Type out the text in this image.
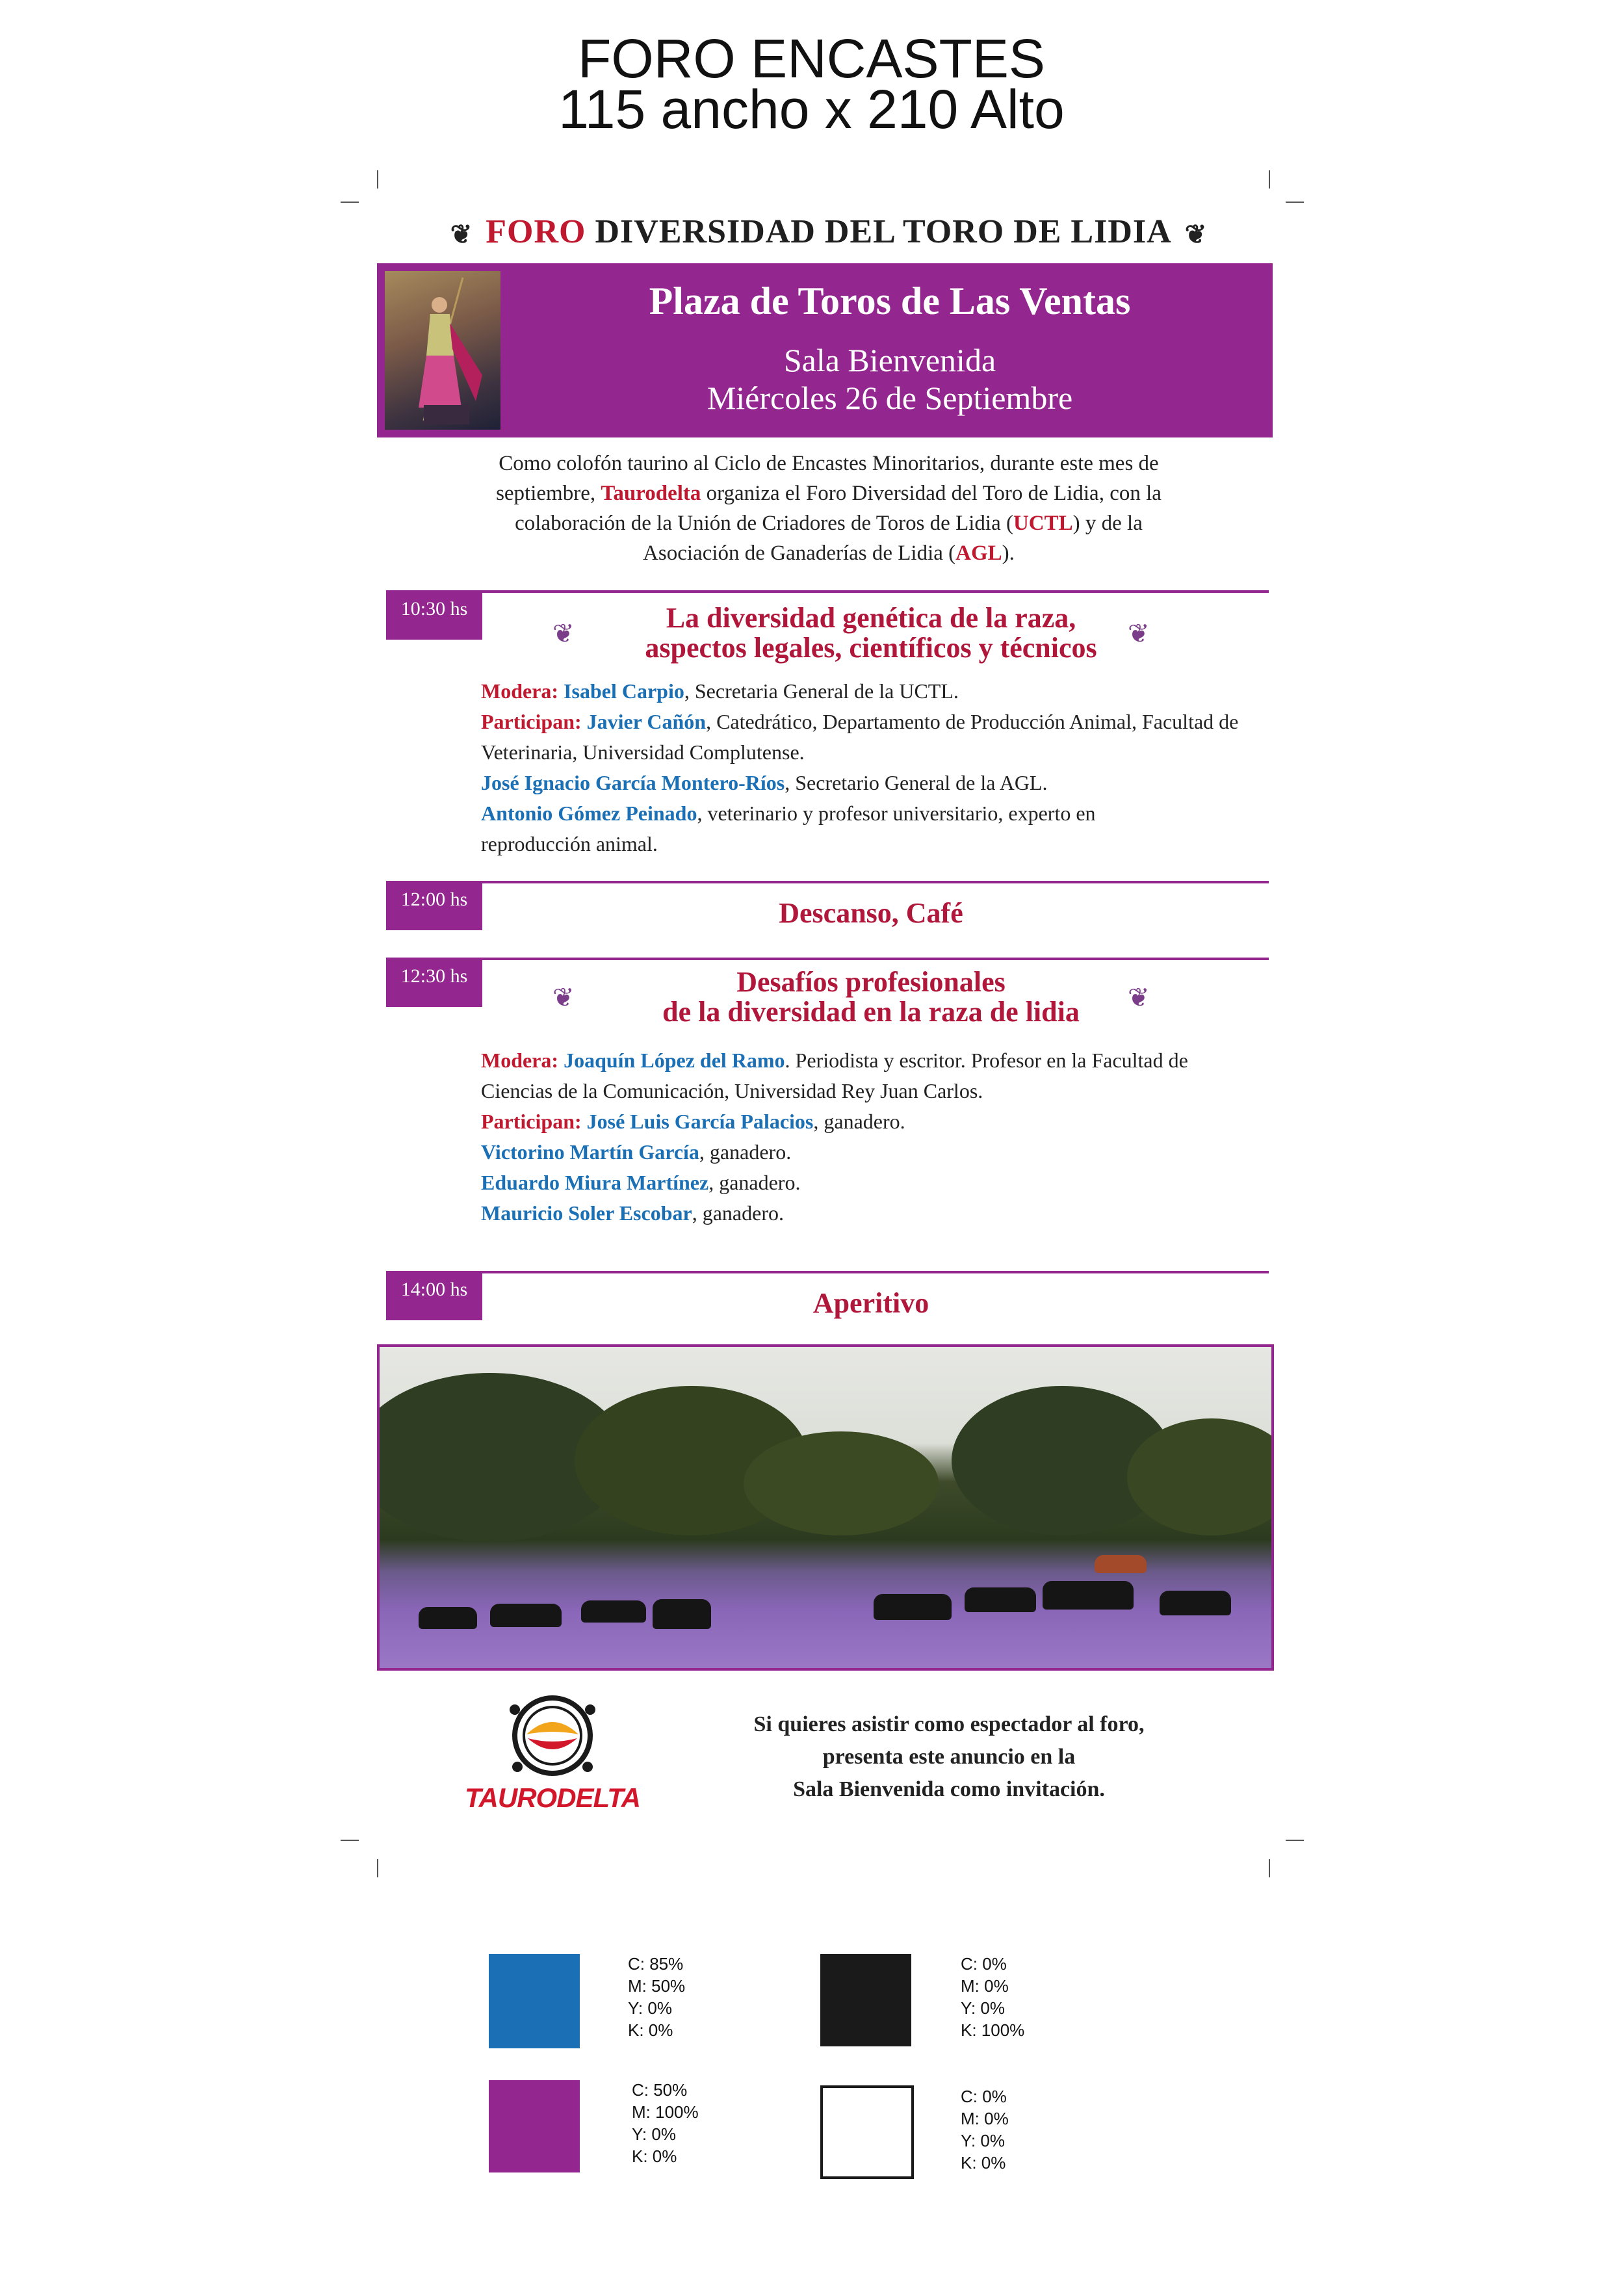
FORO ENCASTES
115 ancho x 210 Alto
❦ FORO DIVERSIDAD DEL TORO DE LIDIA ❦
Plaza de Toros de Las Ventas
Sala Bienvenida
Miércoles 26 de Septiembre
Como colofón taurino al Ciclo de Encastes Minoritarios, durante este mes de septiembre, Taurodelta organiza el Foro Diversidad del Toro de Lidia, con la colaboración de la Unión de Criadores de Toros de Lidia (UCTL) y de la Asociación de Ganaderías de Lidia (AGL).
10:30 hs
❦	❦
La diversidad genética de la raza,
aspectos legales, científicos y técnicos
Modera: Isabel Carpio, Secretaria General de la UCTL.
Participan: Javier Cañón, Catedrático, Departamento de Producción Animal, Facultad de Veterinaria, Universidad Complutense.
José Ignacio García Montero-Ríos, Secretario General de la AGL.
Antonio Gómez Peinado, veterinario y profesor universitario, experto en reproducción animal.
12:00 hs	Descanso, Café
12:30 hs
❦	❦
Desafíos profesionales
de la diversidad en la raza de lidia
Modera: Joaquín López del Ramo. Periodista y escritor. Profesor en la Facultad de Ciencias de la Comunicación, Universidad Rey Juan Carlos.
Participan: José Luis García Palacios, ganadero.
Victorino Martín García, ganadero.
Eduardo Miura Martínez, ganadero.
Mauricio Soler Escobar, ganadero.
14:00 hs	Aperitivo
TAURODELTA
Si quieres asistir como espectador al foro,
presenta este anuncio en la
Sala Bienvenida como invitación.
C: 85%
M: 50%
Y: 0%
K: 0%
C: 0%
M: 0%
Y: 0%
K: 100%
C: 50%
M: 100%
Y: 0%
K: 0%
C: 0%
M: 0%
Y: 0%
K: 0%
